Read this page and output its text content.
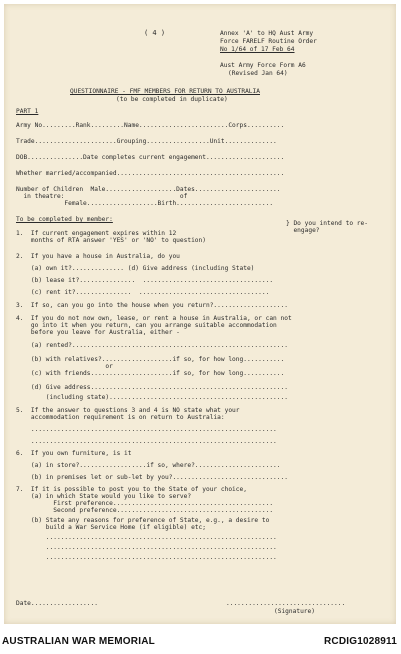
( 4 )	Annex 'A' to HQ Aust Army
Force FARELF Routine Order
No 1/64 of 17 Feb 64
Aust Army Force Form A6
(Revised Jan 64)
QUESTIONNAIRE - FMF MEMBERS FOR RETURN TO AUSTRALIA
(to be completed in duplicate)
PART 1
Army No.........Rank.........Name........................Corps..........
Trade......................Grouping.................Unit..............
DOB...............Date completes current engagement.....................
Whether married/accompanied.............................................
Number of Children  Male...................Dates.......................
in theatre:                               of
Female...................Birth..........................
To be completed by member:
1.  If current engagement expires within 12
months of RTA answer 'YES' or 'NO' to question)
} Do you intend to re-
engage?
2.  If you have a house in Australia, do you
(a) own it?.............. (d) Give address (including State)
(b) lease it?...............  ...................................
(c) rent it?...............  ...................................
3.  If so, can you go into the house when you return?....................
4.  If you do not now own, lease, or rent a house in Australia, or can not
go into it when you return, can you arrange suitable accommodation
before you leave for Australia, either -
(a) rented?..........................................................
(b) with relatives?...................if so, for how long...........
or
(c) with friends......................if so, for how long...........
(d) Give address.....................................................
(including state)................................................
5.  If the answer to questions 3 and 4 is NO state what your
accommodation requirement is on return to Australia:
..................................................................
..................................................................
6.  If you own furniture, is it
(a) in store?..................if so, where?.......................
(b) in premises let or sub-let by you?...............................
7.  If it is possible to post you to the State of your choice,
(a) in which State would you like to serve?
First preference...........................................
Second preference..........................................
(b) State any reasons for preference of State, e.g., a desire to
build a War Service Home (if eligible) etc;
..............................................................
..............................................................
..............................................................
Date..................	................................
(Signature)
AUSTRALIAN WAR MEMORIAL	RCDIG1028911
